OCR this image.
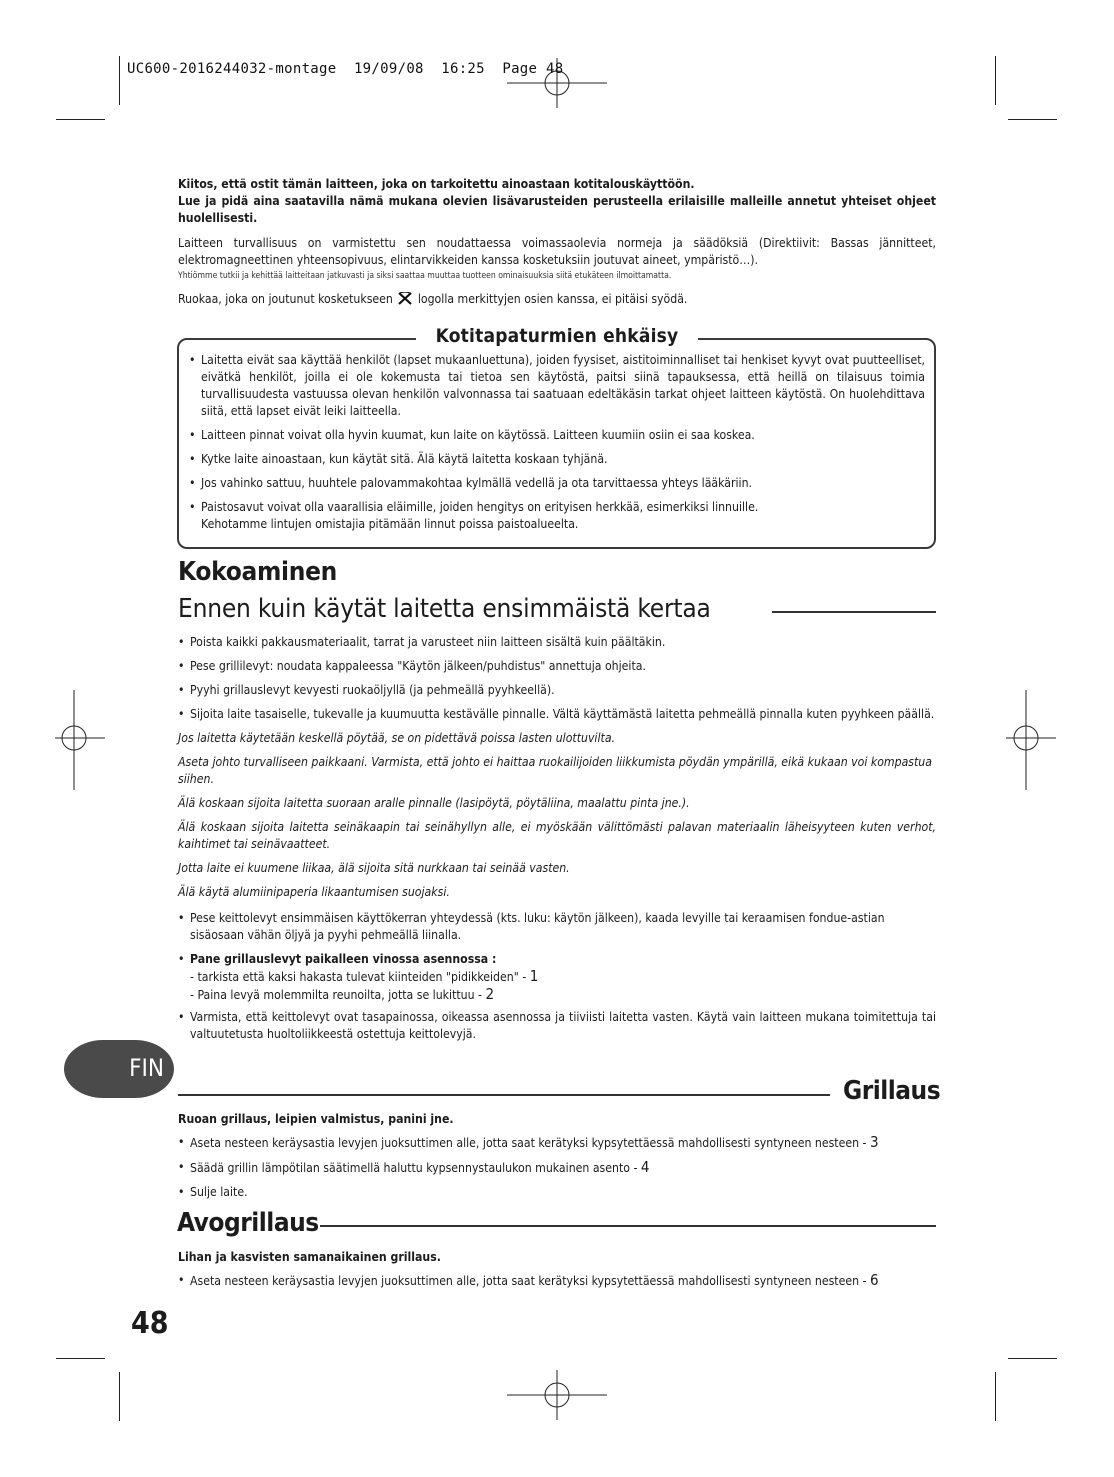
UC600-2016244032-montage  19/09/08  16:25  Page 48

Kiitos, että ostit tämän laitteen, joka on tarkoitettu ainoastaan kotitalouskäyttöön.

Lue ja pidä aina saatavilla nämä mukana olevien lisävarusteiden perusteella erilaisille malleille annetut yhteiset ohjeet huolellisesti.

Laitteen turvallisuus on varmistettu sen noudattaessa voimassaolevia normeja ja säädöksiä (Direktiivit: Bassas jännitteet, elektromagneettinen yhteensopivuus, elintarvikkeiden kanssa kosketuksiin joutuvat aineet, ympäristö…).

Yhtiömme tutkii ja kehittää laitteitaan jatkuvasti ja siksi saattaa muuttaa tuotteen ominaisuuksia siitä etukäteen ilmoittamatta.

Ruokaa, joka on joutunut kosketukseen logolla merkittyjen osien kanssa, ei pitäisi syödä.

Kotitapaturmien ehkäisy
• Laitetta eivät saa käyttää henkilöt (lapset mukaanluettuna), joiden fyysiset, aistitoiminnalliset tai henkiset kyvyt ovat puutteelliset, eivätkä henkilöt, joilla ei ole kokemusta tai tietoa sen käytöstä, paitsi siinä tapauksessa, että heillä on tilaisuus toimia turvallisuudesta vastuussa olevan henkilön valvonnassa tai saatuaan edeltäkäsin tarkat ohjeet laitteen käytöstä. On huolehdittava siitä, että lapset eivät leiki laitteella.
• Laitteen pinnat voivat olla hyvin kuumat, kun laite on käytössä. Laitteen kuumiin osiin ei saa koskea.
• Kytke laite ainoastaan, kun käytät sitä. Älä käytä laitetta koskaan tyhjänä.
• Jos vahinko sattuu, huuhtele palovammakohtaa kylmällä vedellä ja ota tarvittaessa yhteys lääkäriin.
• Paistosavut voivat olla vaarallisia eläimille, joiden hengitys on erityisen herkkää, esimerkiksi linnuille.
Kehotamme lintujen omistajia pitämään linnut poissa paistoalueelta.
Kokoaminen
Ennen kuin käytät laitetta ensimmäistä kertaa
• Poista kaikki pakkausmateriaalit, tarrat ja varusteet niin laitteen sisältä kuin päältäkin.
• Pese grillilevyt: noudata kappaleessa "Käytön jälkeen/puhdistus" annettuja ohjeita.
• Pyyhi grillauslevyt kevyesti ruokaöljyllä (ja pehmeällä pyyhkeellä).
• Sijoita laite tasaiselle, tukevalle ja kuumuutta kestävälle pinnalle. Vältä käyttämästä laitetta pehmeällä pinnalla kuten pyyhkeen päällä.
Jos laitetta käytetään keskellä pöytää, se on pidettävä poissa lasten ulottuvilta.
Aseta johto turvalliseen paikkaani. Varmista, että johto ei haittaa ruokailijoiden liikkumista pöydän ympärillä, eikä kukaan voi kompastua siihen.
Älä koskaan sijoita laitetta suoraan aralle pinnalle (lasipöytä, pöytäliina, maalattu pinta jne.).
Älä koskaan sijoita laitetta seinäkaapin tai seinähyllyn alle, ei myöskään välittömästi palavan materiaalin läheisyyteen kuten verhot, kaihtimet tai seinävaatteet.
Jotta laite ei kuumene liikaa, älä sijoita sitä nurkkaan tai seinää vasten.
Älä käytä alumiinipaperia likaantumisen suojaksi.
• Pese keittolevyt ensimmäisen käyttökerran yhteydessä (kts. luku: käytön jälkeen), kaada levyille tai keraamisen fondue-astian sisäosaan vähän öljyä ja pyyhi pehmeällä liinalla.
• Pane grillauslevyt paikalleen vinossa asennossa :
- tarkista että kaksi hakasta tulevat kiinteiden "pidikkeiden" - 1
- Paina levyä molemmilta reunoilta, jotta se lukittuu - 2
• Varmista, että keittolevyt ovat tasapainossa, oikeassa asennossa ja tiiviisti laitetta vasten. Käytä vain laitteen mukana toimitettuja tai valtuutetusta huoltoliikkeestä ostettuja keittolevyjä.
FIN
Grillaus
Ruoan grillaus, leipien valmistus, panini jne.
• Aseta nesteen keräysastia levyjen juoksuttimen alle, jotta saat kerätyksi kypsytettäessä mahdollisesti syntyneen nesteen - 3
• Säädä grillin lämpötilan säätimellä haluttu kypsennystaulukon mukainen asento - 4
• Sulje laite.
Avogrillaus
Lihan ja kasvisten samanaikainen grillaus.
• Aseta nesteen keräysastia levyjen juoksuttimen alle, jotta saat kerätyksi kypsytettäessä mahdollisesti syntyneen nesteen - 6
48
